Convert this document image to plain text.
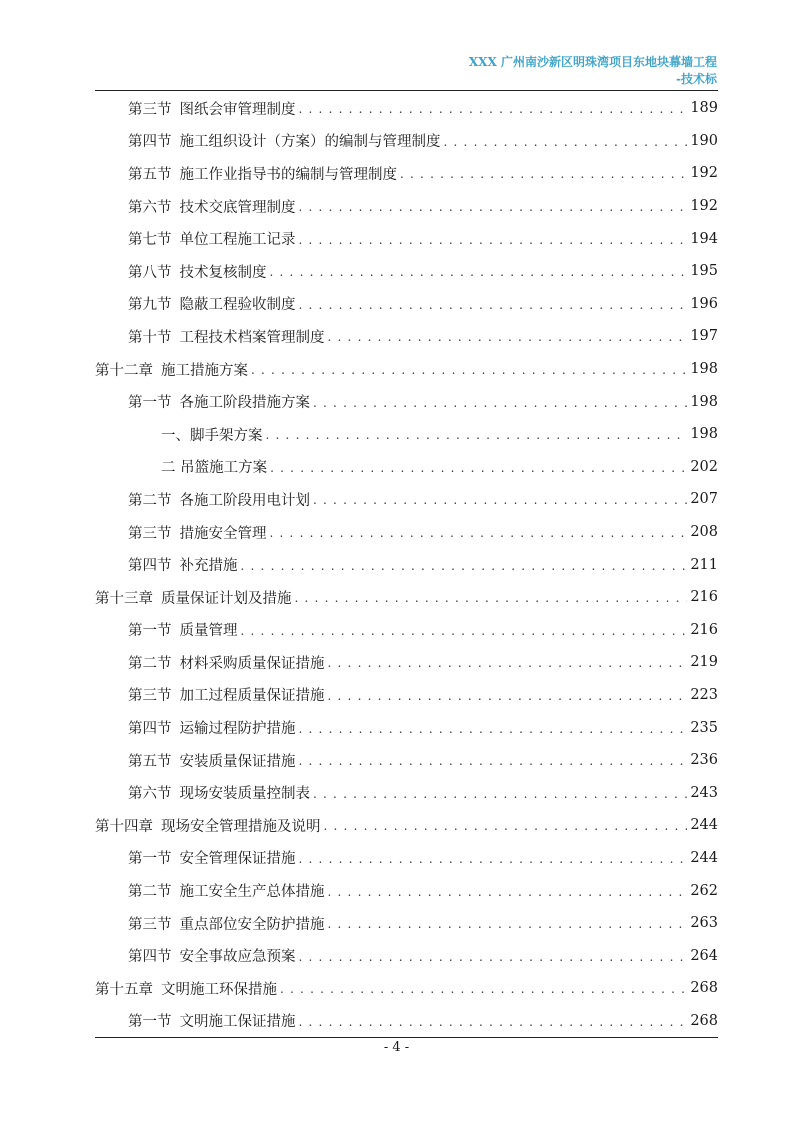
XXX 广州南沙新区明珠湾项目东地块幕墙工程
-技术标
第三节 图纸会审管理制度 . . .	189
第四节 施工组织设计（方案）的编制与管理制度 . . .	190
第五节 施工作业指导书的编制与管理制度 . . .	192
第六节 技术交底管理制度 . . .	192
第七节 单位工程施工记录 . . .	194
第八节 技术复核制度 . . .	195
第九节 隐蔽工程验收制度 . . .	196
第十节 工程技术档案管理制度 . . .	197
第十二章 施工措施方案 . . .	198
第一节 各施工阶段措施方案 . . .	198
一、脚手架方案 . . .	198
二 吊篮施工方案 . . .	202
第二节 各施工阶段用电计划 . . .	207
第三节 措施安全管理 . . .	208
第四节 补充措施 . . .	211
第十三章 质量保证计划及措施 . . .	216
第一节 质量管理 . . .	216
第二节 材料采购质量保证措施 . . .	219
第三节 加工过程质量保证措施 . . .	223
第四节 运输过程防护措施 . . .	235
第五节 安装质量保证措施 . . .	236
第六节 现场安装质量控制表 . . .	243
第十四章 现场安全管理措施及说明 . . .	244
第一节 安全管理保证措施 . . .	244
第二节 施工安全生产总体措施 . . .	262
第三节 重点部位安全防护措施 . . .	263
第四节 安全事故应急预案 . . .	264
第十五章 文明施工环保措施 . . .	268
第一节 文明施工保证措施 . . .	268
- 4 -
